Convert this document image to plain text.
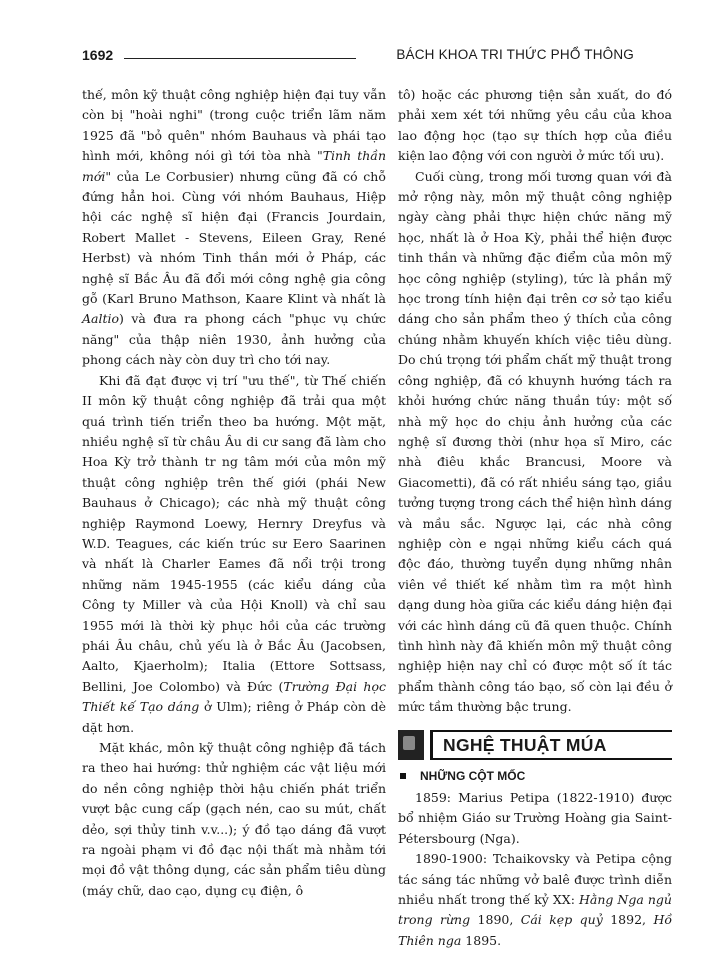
1692	BÁCH KHOA TRI THỨC PHỔ THÔNG

thế, môn kỹ thuật công nghiệp hiện đại tuy vẫn còn bị "hoài nghi" (trong cuộc triển lãm năm 1925 đã "bỏ quên" nhóm Bauhaus và phái tạo hình mới, không nói gì tới tòa nhà "Tinh thần mới" của Le Corbusier) nhưng cũng đã có chỗ đứng hẳn hoi. Cùng với nhóm Bauhaus, Hiệp hội các nghệ sĩ hiện đại (Francis Jourdain, Robert Mallet - Stevens, Eileen Gray, René Herbst) và nhóm Tinh thần mới ở Pháp, các nghệ sĩ Bắc Âu đã đổi mới công nghệ gia công gỗ (Karl Bruno Mathson, Kaare Klint và nhất là Aaltio) và đưa ra phong cách "phục vụ chức năng" của thập niên 1930, ảnh hưởng của phong cách này còn duy trì cho tới nay.

Khi đã đạt được vị trí "ưu thế", từ Thế chiến II môn kỹ thuật công nghiệp đã trải qua một quá trình tiến triển theo ba hướng. Một mặt, nhiều nghệ sĩ từ châu Âu di cư sang đã làm cho Hoa Kỳ trở thành tr ng tâm mới của môn mỹ thuật công nghiệp trên thế giới (phái New Bauhaus ở Chicago); các nhà mỹ thuật công nghiệp Raymond Loewy, Hernry Dreyfus và W.D. Teagues, các kiến trúc sư Eero Saarinen và nhất là Charler Eames đã nổi trội trong những năm 1945-1955 (các kiểu dáng của Công ty Miller và của Hội Knoll) và chỉ sau 1955 mới là thời kỳ phục hồi của các trường phái Âu châu, chủ yếu là ở Bắc Âu (Jacobsen, Aalto, Kjaerholm); Italia (Ettore Sottsass, Bellini, Joe Colombo) và Đức (Trường Đại học Thiết kế Tạo dáng ở Ulm); riêng ở Pháp còn dè dặt hơn.

Mặt khác, môn kỹ thuật công nghiệp đã tách ra theo hai hướng: thử nghiệm các vật liệu mới do nền công nghiệp thời hậu chiến phát triển vượt bậc cung cấp (gạch nén, cao su mút, chất dẻo, sợi thủy tinh v.v...); ý đồ tạo dáng đã vượt ra ngoài phạm vi đồ đạc nội thất mà nhằm tới mọi đồ vật thông dụng, các sản phẩm tiêu dùng (máy chữ, dao cạo, dụng cụ điện, ô

tô) hoặc các phương tiện sản xuất, do đó phải xem xét tới những yêu cầu của khoa lao động học (tạo sự thích hợp của điều kiện lao động với con người ở mức tối ưu).

Cuối cùng, trong mối tương quan với đà mở rộng này, môn mỹ thuật công nghiệp ngày càng phải thực hiện chức năng mỹ học, nhất là ở Hoa Kỳ, phải thể hiện được tinh thần và những đặc điểm của môn mỹ học công nghiệp (styling), tức là phần mỹ học trong tính hiện đại trên cơ sở tạo kiểu dáng cho sản phẩm theo ý thích của công chúng nhằm khuyến khích việc tiêu dùng. Do chú trọng tới phẩm chất mỹ thuật trong công nghiệp, đã có khuynh hướng tách ra khỏi hướng chức năng thuần túy: một số nhà mỹ học do chịu ảnh hưởng của các nghệ sĩ đương thời (như họa sĩ Miro, các nhà điêu khắc Brancusi, Moore và Giacometti), đã có rất nhiều sáng tạo, giầu tưởng tượng trong cách thể hiện hình dáng và mầu sắc. Ngược lại, các nhà công nghiệp còn e ngại những kiểu cách quá độc đáo, thường tuyển dụng những nhân viên về thiết kế nhằm tìm ra một hình dạng dung hòa giữa các kiểu dáng hiện đại với các hình dáng cũ đã quen thuộc. Chính tình hình này đã khiến môn mỹ thuật công nghiệp hiện nay chỉ có được một số ít tác phẩm thành công táo bạo, số còn lại đều ở mức tầm thường bậc trung.

NGHỆ THUẬT MÚA
NHỮNG CỘT MỐC

1859: Marius Petipa (1822-1910) được bổ nhiệm Giáo sư Trường Hoàng gia Saint-Pétersbourg (Nga).

1890-1900: Tchaikovsky và Petipa cộng tác sáng tác những vở balê được trình diễn nhiều nhất trong thế kỷ XX: Hằng Nga ngủ trong rừng 1890, Cái kẹp quỷ 1892, Hồ Thiên nga 1895.
